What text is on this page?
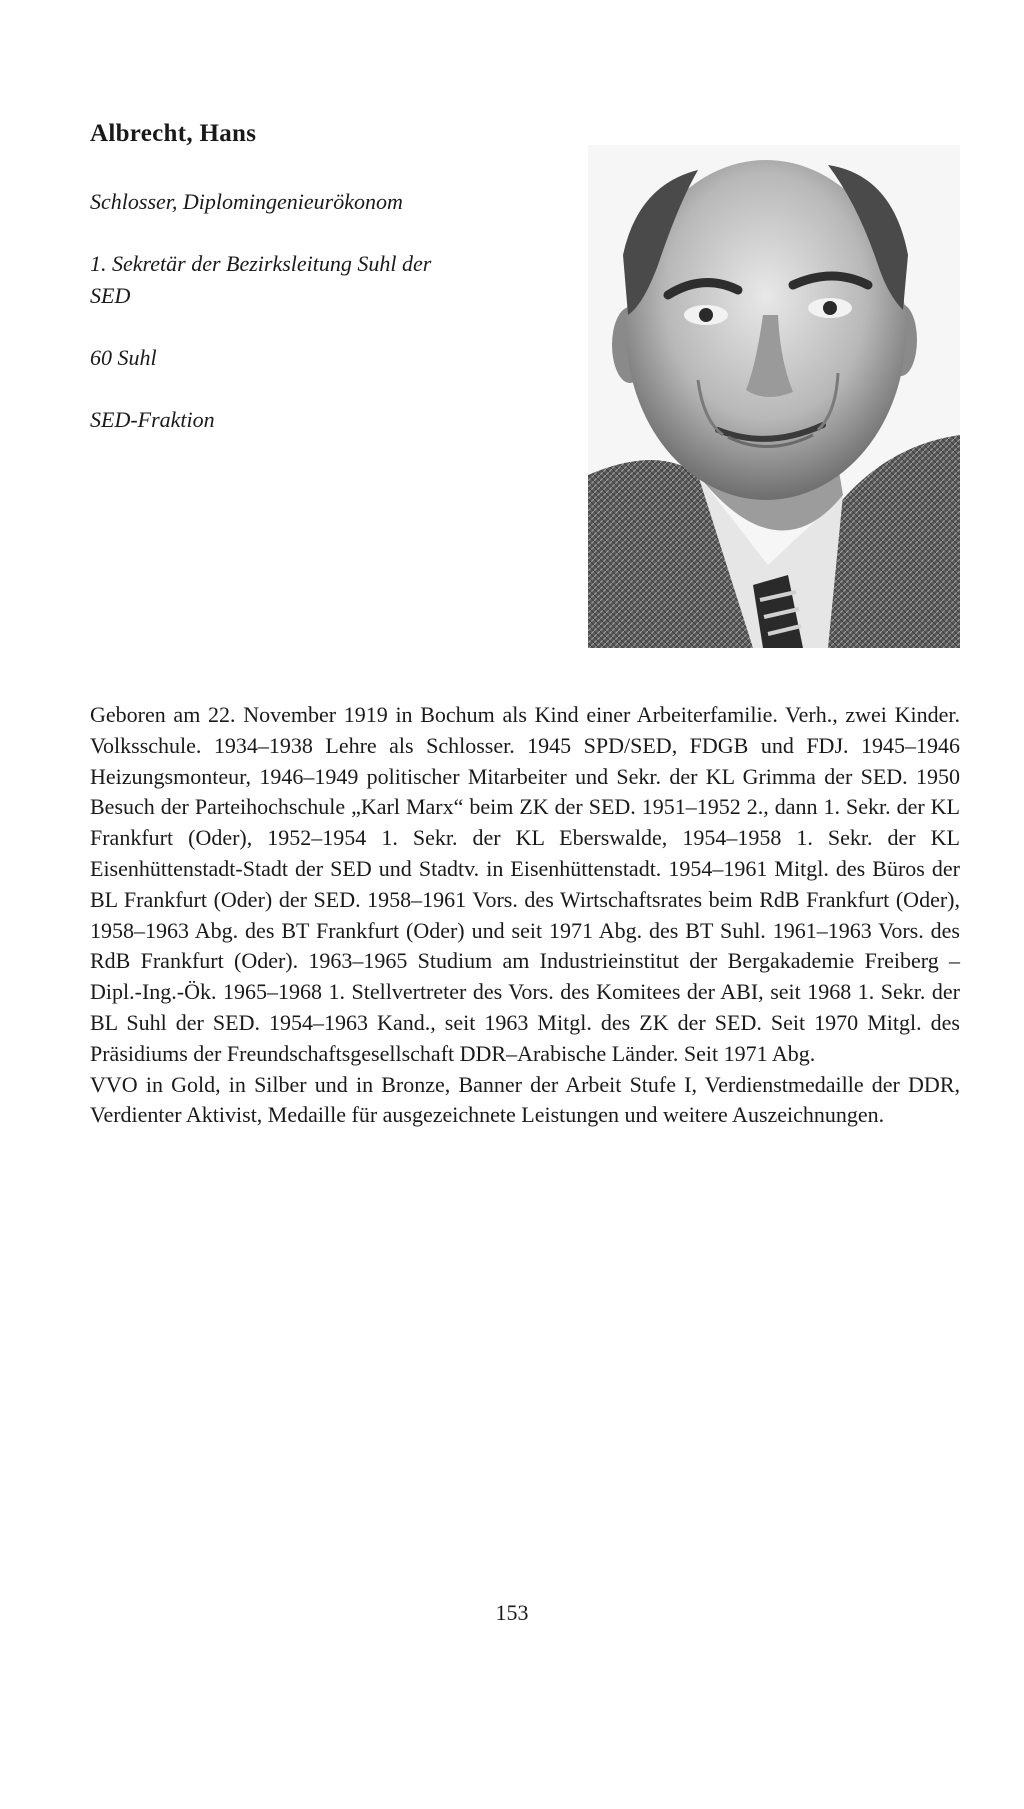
Albrecht, Hans
Schlosser, Diplomingenieurökonom
1. Sekretär der Bezirksleitung Suhl der SED
60 Suhl
SED-Fraktion

Geboren am 22. November 1919 in Bochum als Kind einer Arbeiterfamilie. Verh., zwei Kinder. Volksschule. 1934–1938 Lehre als Schlosser. 1945 SPD/SED, FDGB und FDJ. 1945–1946 Heizungsmonteur, 1946–1949 politischer Mitarbeiter und Sekr. der KL Grimma der SED. 1950 Besuch der Parteihochschule „Karl Marx“ beim ZK der SED. 1951–1952 2., dann 1. Sekr. der KL Frankfurt (Oder), 1952–1954 1. Sekr. der KL Eberswalde, 1954–1958 1. Sekr. der KL Eisenhüttenstadt-Stadt der SED und Stadtv. in Eisenhüttenstadt. 1954–1961 Mitgl. des Büros der BL Frankfurt (Oder) der SED. 1958–1961 Vors. des Wirtschaftsrates beim RdB Frankfurt (Oder), 1958–1963 Abg. des BT Frankfurt (Oder) und seit 1971 Abg. des BT Suhl. 1961–1963 Vors. des RdB Frankfurt (Oder). 1963–1965 Studium am Industrieinstitut der Bergakademie Freiberg – Dipl.-Ing.-Ök. 1965–1968 1. Stellvertreter des Vors. des Komitees der ABI, seit 1968 1. Sekr. der BL Suhl der SED. 1954–1963 Kand., seit 1963 Mitgl. des ZK der SED. Seit 1970 Mitgl. des Präsidiums der Freundschaftsgesellschaft DDR–Arabische Länder. Seit 1971 Abg.

VVO in Gold, in Silber und in Bronze, Banner der Arbeit Stufe I, Verdienstmedaille der DDR, Verdienter Aktivist, Medaille für ausgezeichnete Leistungen und weitere Auszeichnungen.

153
